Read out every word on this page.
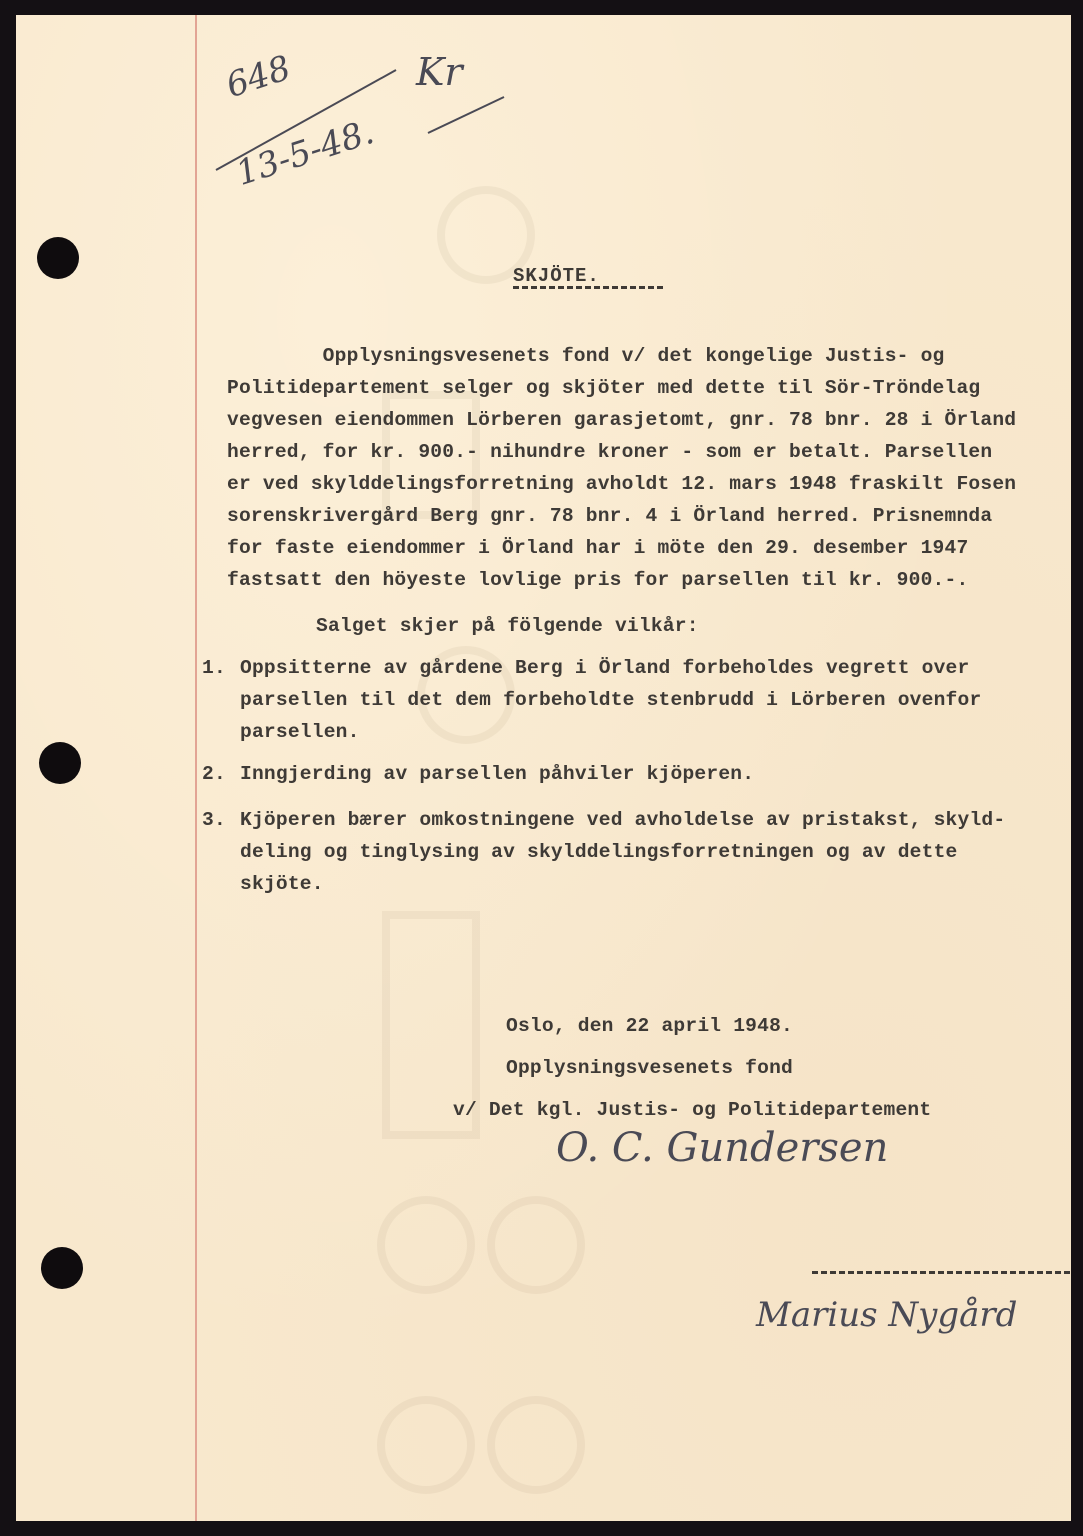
648
13-5-48.
Kr
SKJÖTE.
Opplysningsvesenets fond v/ det kongelige Justis- og
Politidepartement selger og skjöter med dette til Sör-Tröndelag
vegvesen eiendommen Lörberen garasjetomt, gnr. 78 bnr. 28 i Örland
herred, for kr. 900.- nihundre kroner - som er betalt. Parsellen
er ved skylddelingsforretning avholdt 12. mars 1948 fraskilt Fosen
sorenskrivergård Berg gnr. 78 bnr. 4 i Örland herred. Prisnemnda
for faste eiendommer i Örland har i möte den 29. desember 1947
fastsatt den höyeste lovlige pris for parsellen til kr. 900.-.
Salget skjer på fölgende vilkår:
1. Oppsitterne av gårdene Berg i Örland forbeholdes vegrett over
parsellen til det dem forbeholdte stenbrudd i Lörberen ovenfor
parsellen.
2. Inngjerding av parsellen påhviler kjöperen.
3. Kjöperen bærer omkostningene ved avholdelse av pristakst, skyld-
deling og tinglysing av skylddelingsforretningen og av dette
skjöte.
Oslo, den 22 april 1948.
Opplysningsvesenets fond
v/ Det kgl. Justis- og Politidepartement
O. C. Gundersen
Marius Nygård
